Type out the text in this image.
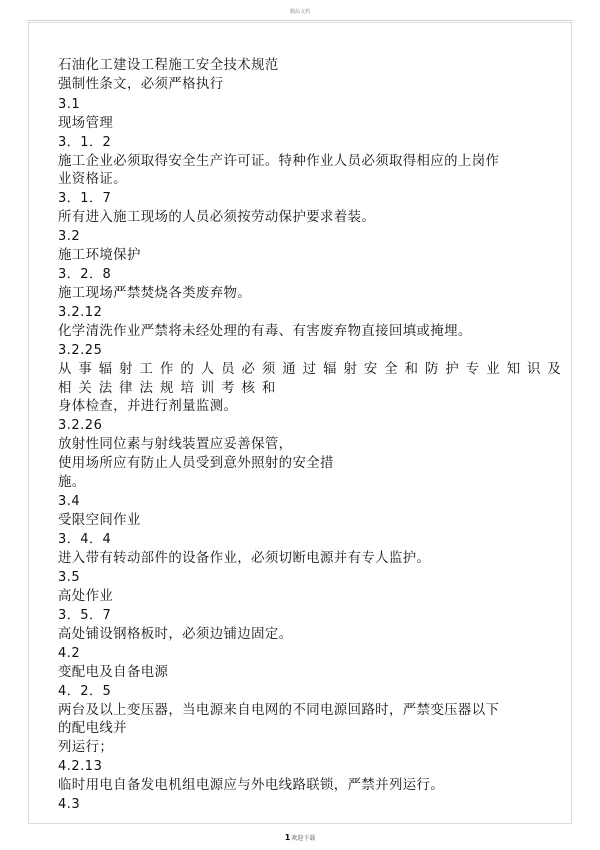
精品文档
石油化工建设工程施工安全技术规范
强制性条文，必须严格执行
3.1
现场管理
3．1．2
施工企业必须取得安全生产许可证。特种作业人员必须取得相应的上岗作
业资格证。
3．1．7
所有进入施工现场的人员必须按劳动保护要求着装。
3.2
施工环境保护
3．2．8
施工现场严禁焚烧各类废弃物。
3.2.12
化学清洗作业严禁将未经处理的有毒、有害废弃物直接回填或掩埋。
3.2.25
从事辐射工作的人员必须通过辐射安全和防护专业知识及
相关法律法规培训考核和
身体检查，并进行剂量监测。
3.2.26
放射性同位素与射线装置应妥善保管，
使用场所应有防止人员受到意外照射的安全措
施。
3.4
受限空间作业
3．4．4
进入带有转动部件的设备作业，必须切断电源并有专人监护。
3.5
高处作业
3．5．7
高处铺设钢格板时，必须边铺边固定。
4.2
变配电及自备电源
4．2．5
两台及以上变压器，当电源来自电网的不同电源回路时，严禁变压器以下
的配电线并
列运行；
4.2.13
临时用电自备发电机组电源应与外电线路联锁，严禁并列运行。
4.3
1欢迎下载
